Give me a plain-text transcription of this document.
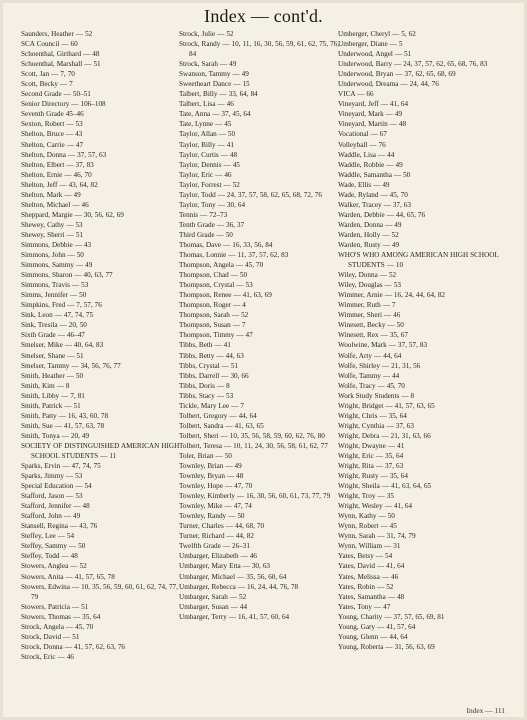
Index — cont'd.
Saunders, Heather — 52
SCA Council — 60
Schoenthal, Girthard — 48
Schoenthal, Marshall — 51
Scott, Jan — 7, 70
Scott, Becky — 7
Second Grade — 50–51
Senior Directory — 106–108
Seventh Grade 45–46
Sexton, Robert — 53
Shelton, Bruce — 43
Shelton, Carrie — 47
Shelton, Donna — 37, 57, 63
Shelton, Elbert — 37, 83
Shelton, Ernie — 46, 70
Shelton, Jeff — 43, 64, 82
Shelton, Mark — 49
Shelton, Michael — 46
Sheppard, Margie — 30, 56, 62, 69
Shewey, Cathy — 53
Shewey, Sherri — 51
Simmons, Debbie — 43
Simmons, John — 50
Simmons, Sammy — 49
Simmons, Sharon — 40, 63, 77
Simmons, Travis — 53
Simms, Jennifer — 50
Simpkins, Fred — 7, 57, 76
Sink, Leon — 47, 74, 75
Sink, Tresila — 20, 50
Sixth Grade — 46–47
Smelser, Mike — 40, 64, 83
Smelser, Shane — 51
Smelser, Tammy — 34, 56, 76, 77
Smith, Heather — 50
Smith, Kim — 8
Smith, Libby — 7, 81
Smith, Patrick — 51
Smith, Patty — 16, 43, 60, 78
Smith, Sue — 41, 57, 63, 78
Smith, Tonya — 20, 49
SOCIETY OF DISTINGUISHED AMERICAN HIGH SCHOOL STUDENTS — 11
Sparks, Ervin — 47, 74, 75
Sparks, Jimmy — 53
Special Education — 54
Stafford, Jason — 53
Stafford, Jennifer — 48
Stafford, John — 49
Stansell, Regina — 43, 76
Steffey, Lee — 54
Steffey, Sammy — 50
Steffey, Todd — 48
Stowers, Anglea — 52
Stowers, Anita — 41, 57, 65, 78
Stowers, Edwina — 10, 35, 56, 59, 60, 61, 62, 74, 77, 79
Stowers, Patricia — 51
Stowers, Thomas — 35, 64
Strock, Angela — 45, 70
Strock, David — 51
Strock, Donna — 41, 57, 62, 63, 76
Strock, Eric — 46
Strock, Julie — 52
Strock, Randy — 10, 11, 16, 30, 56, 59, 61, 62, 75, 76, 84
Strock, Sarah — 49
Swanson, Tammy — 49
Sweetheart Dance — 15
Talbert, Billy — 33, 64, 84
Talbert, Lisa — 46
Tate, Anna — 37, 45, 64
Tate, Lynne — 45
Taylor, Allan — 50
Taylor, Billy — 41
Taylor, Curtis — 48
Taylor, Dennis — 45
Taylor, Eric — 46
Taylor, Forrest — 52
Taylor, Todd — 24, 37, 57, 58, 62, 65, 68, 72, 76
Taylor, Tony — 30, 64
Tennis — 72–73
Tenth Grade — 36, 37
Third Grade — 50
Thomas, Dave — 16, 33, 56, 84
Thomas, Lonnie — 11, 37, 57, 62, 83
Thompson, Angela — 45, 70
Thompson, Chad — 50
Thompson, Crystal — 53
Thompson, Renee — 41, 63, 69
Thompson, Roger — 4
Thompson, Sarah — 52
Thompson, Susan — 7
Thompson, Timmy — 47
Tibbs, Beth — 41
Tibbs, Betty — 44, 63
Tibbs, Crystal — 51
Tibbs, Darrell — 30, 66
Tibbs, Doris — 8
Tibbs, Stacy — 53
Tickle, Mary Lee — 7
Tolbert, Gregory — 44, 64
Tolbert, Sandra — 41, 63, 65
Tolbert, Sheri — 10, 35, 56, 58, 59, 60, 62, 76, 80
Tolbert, Teresa — 10, 11, 24, 30, 56, 58, 61, 62, 77
Toler, Brian — 50
Townley, Brian — 49
Townley, Bryan — 48
Townley, Hope — 47, 70
Townley, Kimberly — 16, 30, 56, 60, 61, 73, 77, 79
Townley, Mike — 47, 74
Townley, Randy — 50
Turner, Charles — 44, 68, 70
Turner, Richard — 44, 82
Twelfth Grade — 26–31
Umbarger, Elizabeth — 46
Umbarger, Mary Etta — 30, 63
Umbarger, Michael — 35, 56, 60, 64
Umbarger, Rebecca — 16, 24, 44, 76, 78
Umbarger, Sarah — 52
Umbarger, Susan — 44
Umbarger, Terry — 16, 41, 57, 60, 64
Umberger, Cheryl — 5, 62
Umberger, Diane — 5
Underwood, Angel — 51
Underwood, Barry — 24, 37, 57, 62, 65, 68, 76, 83
Underwood, Bryan — 37, 62, 65, 68, 69
Underwood, Dreama — 24, 44, 76
VICA — 66
Vineyard, Jeff — 41, 64
Vineyard, Mark — 49
Vineyard, Martin — 48
Vocational — 67
Volleyball — 76
Waddle, Lisa — 44
Waddle, Robbie — 49
Waddle, Samantha — 50
Wade, Ellis — 49
Wade, Ryland — 45, 70
Walker, Tracey — 37, 63
Warden, Debbie — 44, 65, 76
Warden, Donna — 49
Warden, Holly — 52
Warden, Rusty — 49
WHO'S WHO AMONG AMERICAN HIGH SCHOOL STUDENTS — 10
Wiley, Donna — 52
Wiley, Douglas — 53
Wimmer, Arnie — 16, 24, 44, 64, 82
Wimmer, Ruth — 7
Wimmer, Sheri — 46
Winesett, Becky — 50
Winesett, Rex — 35, 67
Woolwine, Mark — 37, 57, 83
Wolfe, Arty — 44, 64
Wolfe, Shirley — 21, 31, 56
Wolfe, Tammy — 44
Wolfe, Tracy — 45, 70
Work Study Students — 8
Wright, Bridget — 41, 57, 63, 65
Wright, Chris — 35, 64
Wright, Cynthia — 37, 63
Wright, Debra — 21, 31, 63, 66
Wright, Dwayne — 41
Wright, Eric — 35, 64
Wright, Rita — 37, 63
Wright, Rusty — 35, 64
Wright, Sheila — 41, 63, 64, 65
Wright, Troy — 35
Wright, Wesley — 41, 64
Wynn, Kathy — 50
Wynn, Robert — 45
Wynn, Sarah — 31, 74, 79
Wynn, William — 31
Yates, Betsy — 54
Yates, David — 41, 64
Yates, Melissa — 46
Yates, Robin — 52
Yates, Samantha — 48
Yates, Tony — 47
Young, Charity — 37, 57, 65, 69, 81
Young, Gary — 41, 57, 64
Young, Glenn — 44, 64
Young, Roberta — 31, 56, 63, 69
Index — 111
